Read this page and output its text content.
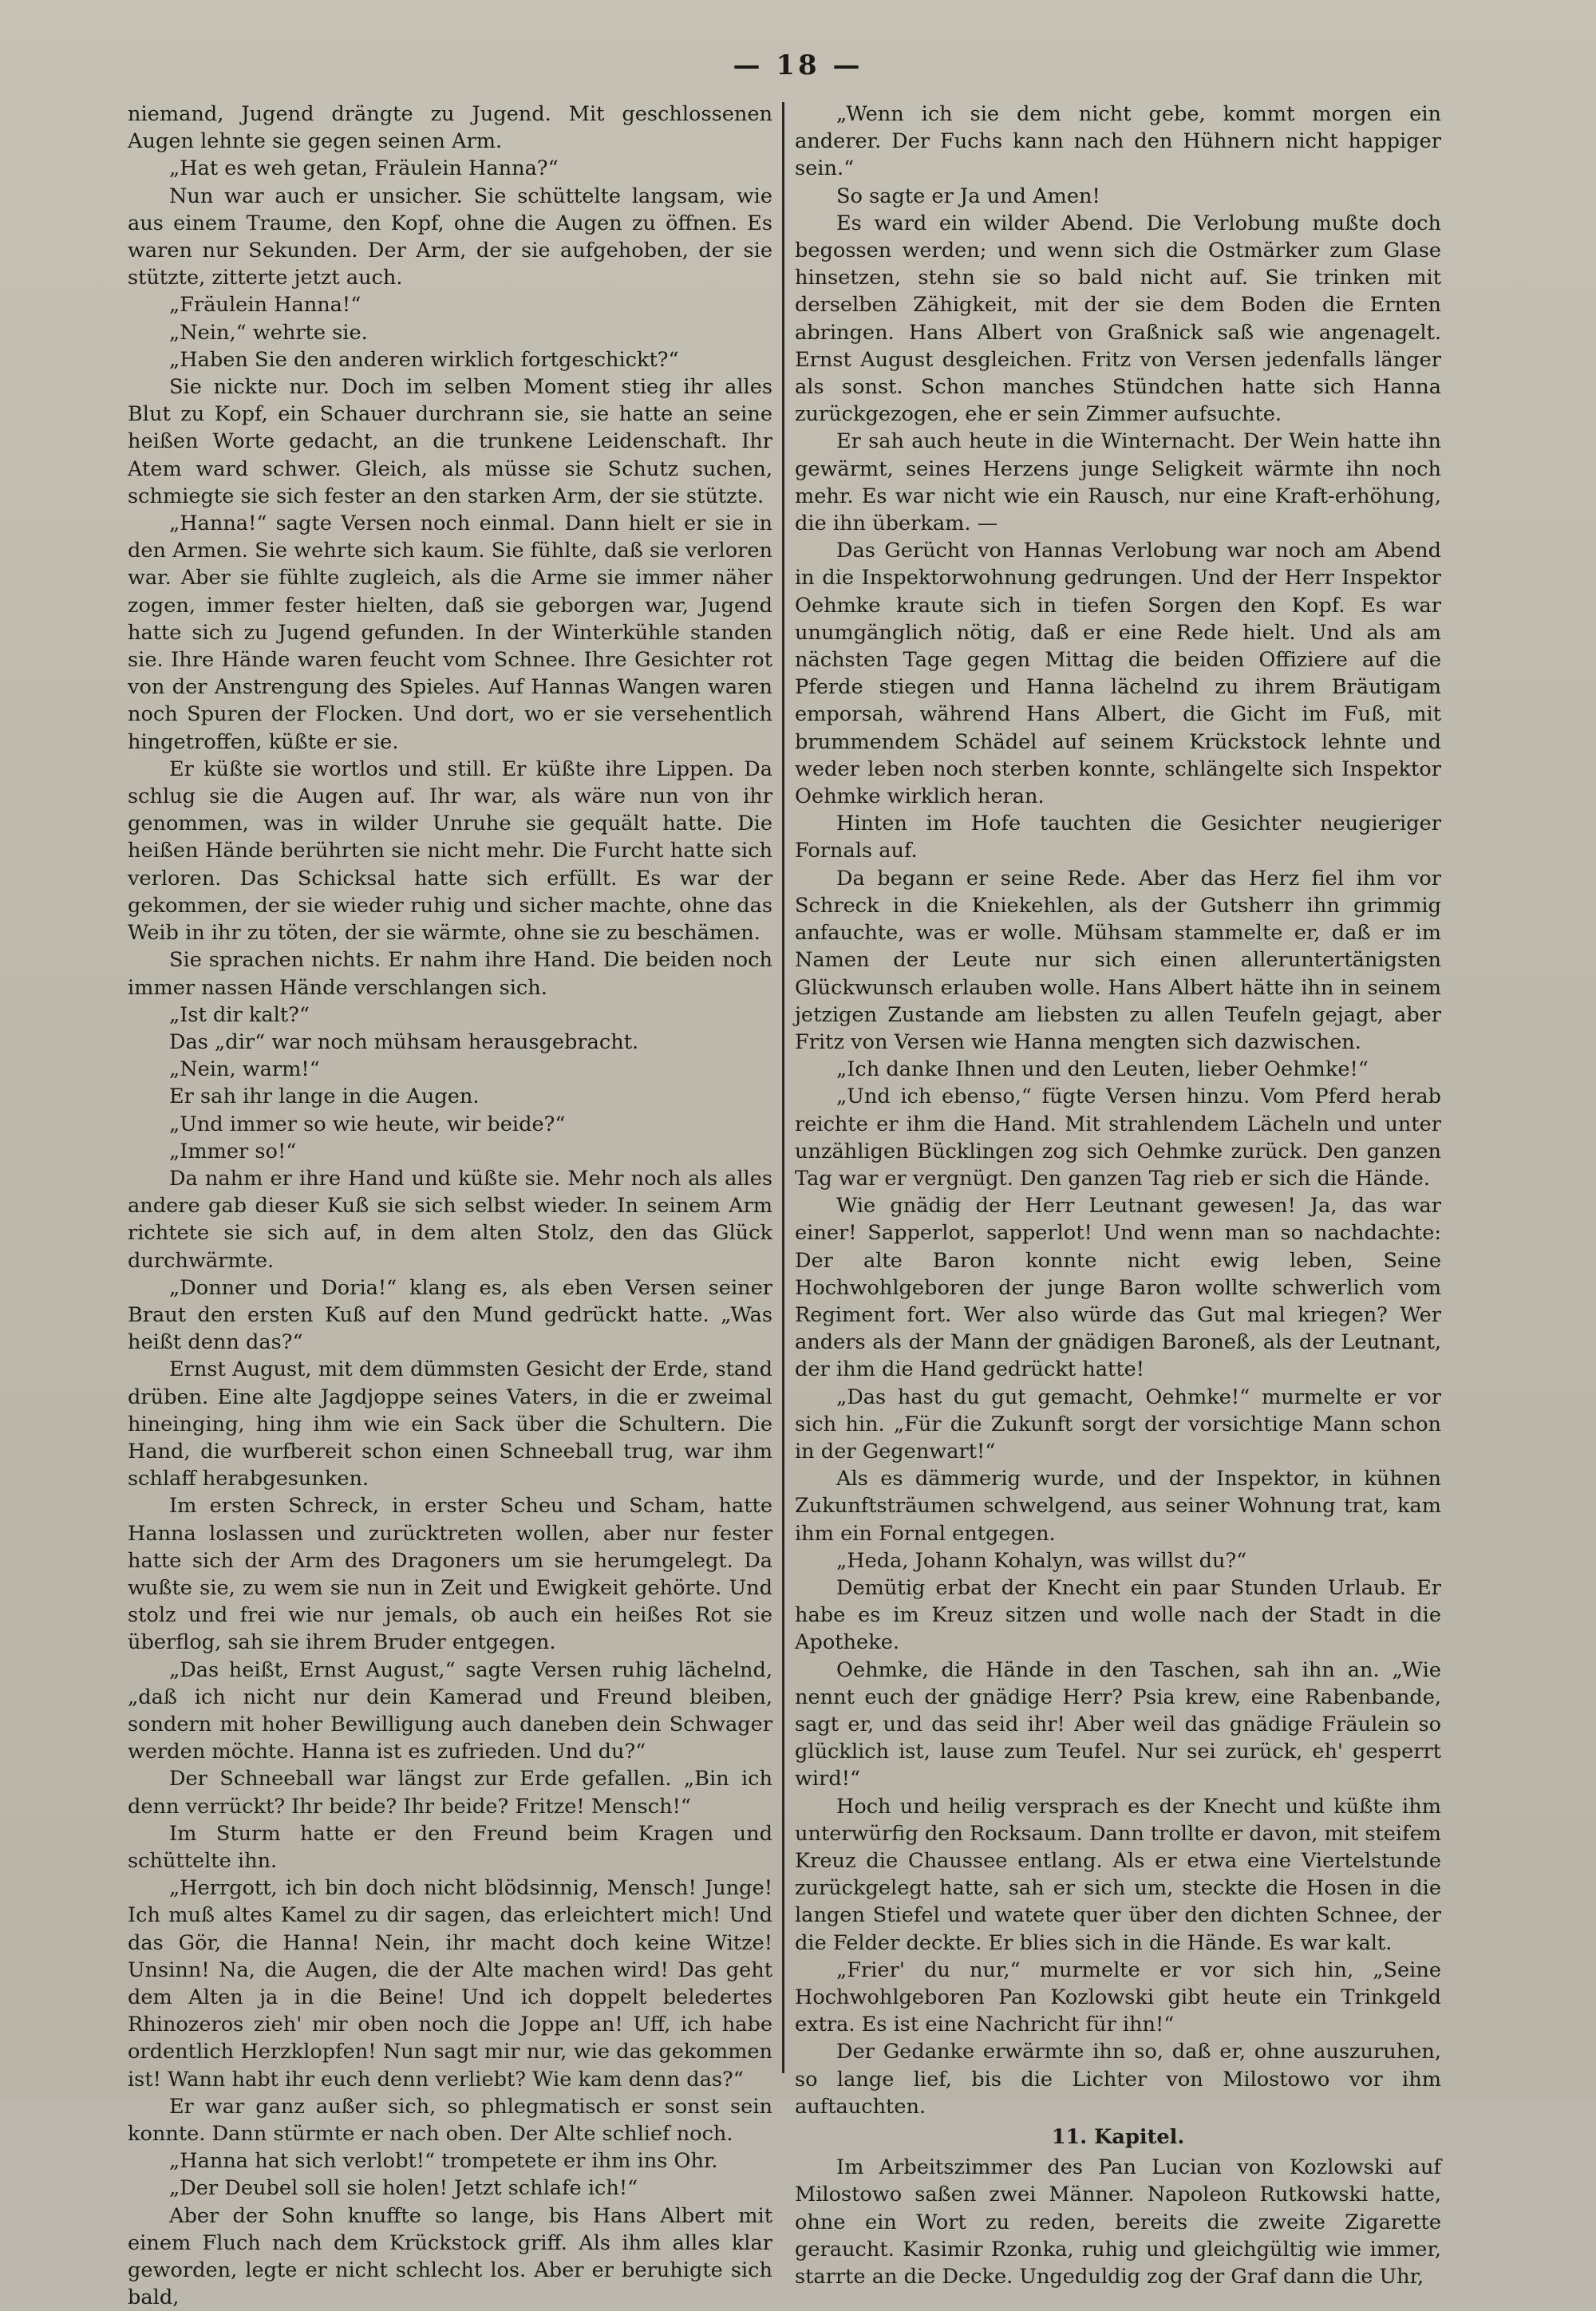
— 18 —

niemand, Jugend drängte zu Jugend. Mit geschlossenen Augen lehnte sie gegen seinen Arm.

„Hat es weh getan, Fräulein Hanna?“

Nun war auch er unsicher. Sie schüttelte langsam, wie aus einem Traume, den Kopf, ohne die Augen zu öffnen. Es waren nur Sekunden. Der Arm, der sie aufgehoben, der sie stützte, zitterte jetzt auch.

„Fräulein Hanna!“

„Nein,“ wehrte sie.

„Haben Sie den anderen wirklich fortgeschickt?“

Sie nickte nur. Doch im selben Moment stieg ihr alles Blut zu Kopf, ein Schauer durchrann sie, sie hatte an seine heißen Worte gedacht, an die trunkene Leidenschaft. Ihr Atem ward schwer. Gleich, als müsse sie Schutz suchen, schmiegte sie sich fester an den starken Arm, der sie stützte.

„Hanna!“ sagte Versen noch einmal. Dann hielt er sie in den Armen. Sie wehrte sich kaum. Sie fühlte, daß sie verloren war. Aber sie fühlte zugleich, als die Arme sie immer näher zogen, immer fester hielten, daß sie geborgen war, Jugend hatte sich zu Jugend gefunden. In der Winterkühle standen sie. Ihre Hände waren feucht vom Schnee. Ihre Gesichter rot von der Anstrengung des Spieles. Auf Hannas Wangen waren noch Spuren der Flocken. Und dort, wo er sie versehentlich hingetroffen, küßte er sie.

Er küßte sie wortlos und still. Er küßte ihre Lippen. Da schlug sie die Augen auf. Ihr war, als wäre nun von ihr genommen, was in wilder Unruhe sie gequält hatte. Die heißen Hände berührten sie nicht mehr. Die Furcht hatte sich verloren. Das Schicksal hatte sich erfüllt. Es war der gekommen, der sie wieder ruhig und sicher machte, ohne das Weib in ihr zu töten, der sie wärmte, ohne sie zu beschämen.

Sie sprachen nichts. Er nahm ihre Hand. Die beiden noch immer nassen Hände verschlangen sich.

„Ist dir kalt?“

Das „dir“ war noch mühsam herausgebracht.

„Nein, warm!“

Er sah ihr lange in die Augen.

„Und immer so wie heute, wir beide?“

„Immer so!“

Da nahm er ihre Hand und küßte sie. Mehr noch als alles andere gab dieser Kuß sie sich selbst wieder. In seinem Arm richtete sie sich auf, in dem alten Stolz, den das Glück durchwärmte.

„Donner und Doria!“ klang es, als eben Versen seiner Braut den ersten Kuß auf den Mund gedrückt hatte. „Was heißt denn das?“

Ernst August, mit dem dümmsten Gesicht der Erde, stand drüben. Eine alte Jagdjoppe seines Vaters, in die er zweimal hineinging, hing ihm wie ein Sack über die Schultern. Die Hand, die wurfbereit schon einen Schneeball trug, war ihm schlaff herabgesunken.

Im ersten Schreck, in erster Scheu und Scham, hatte Hanna loslassen und zurücktreten wollen, aber nur fester hatte sich der Arm des Dragoners um sie herumgelegt. Da wußte sie, zu wem sie nun in Zeit und Ewigkeit gehörte. Und stolz und frei wie nur jemals, ob auch ein heißes Rot sie überflog, sah sie ihrem Bruder entgegen.

„Das heißt, Ernst August,“ sagte Versen ruhig lächelnd, „daß ich nicht nur dein Kamerad und Freund bleiben, sondern mit hoher Bewilligung auch daneben dein Schwager werden möchte. Hanna ist es zufrieden. Und du?“

Der Schneeball war längst zur Erde gefallen. „Bin ich denn verrückt? Ihr beide? Ihr beide? Fritze! Mensch!“

Im Sturm hatte er den Freund beim Kragen und schüttelte ihn.

„Herrgott, ich bin doch nicht blödsinnig, Mensch! Junge! Ich muß altes Kamel zu dir sagen, das erleichtert mich! Und das Gör, die Hanna! Nein, ihr macht doch keine Witze! Unsinn! Na, die Augen, die der Alte machen wird! Das geht dem Alten ja in die Beine! Und ich doppelt beledertes Rhinozeros zieh' mir oben noch die Joppe an! Uff, ich habe ordentlich Herzklopfen! Nun sagt mir nur, wie das gekommen ist! Wann habt ihr euch denn verliebt? Wie kam denn das?“

Er war ganz außer sich, so phlegmatisch er sonst sein konnte. Dann stürmte er nach oben. Der Alte schlief noch.

„Hanna hat sich verlobt!“ trompetete er ihm ins Ohr.

„Der Deubel soll sie holen! Jetzt schlafe ich!“

Aber der Sohn knuffte so lange, bis Hans Albert mit einem Fluch nach dem Krückstock griff. Als ihm alles klar geworden, legte er nicht schlecht los. Aber er beruhigte sich bald,

„Wenn ich sie dem nicht gebe, kommt morgen ein anderer. Der Fuchs kann nach den Hühnern nicht happiger sein.“

So sagte er Ja und Amen!

Es ward ein wilder Abend. Die Verlobung mußte doch begossen werden; und wenn sich die Ostmärker zum Glase hinsetzen, stehn sie so bald nicht auf. Sie trinken mit derselben Zähigkeit, mit der sie dem Boden die Ernten abringen. Hans Albert von Graßnick saß wie angenagelt. Ernst August desgleichen. Fritz von Versen jedenfalls länger als sonst. Schon manches Stündchen hatte sich Hanna zurückgezogen, ehe er sein Zimmer aufsuchte.

Er sah auch heute in die Winternacht. Der Wein hatte ihn gewärmt, seines Herzens junge Seligkeit wärmte ihn noch mehr. Es war nicht wie ein Rausch, nur eine Kraft-erhöhung, die ihn überkam. —

Das Gerücht von Hannas Verlobung war noch am Abend in die Inspektorwohnung gedrungen. Und der Herr Inspektor Oehmke kraute sich in tiefen Sorgen den Kopf. Es war unumgänglich nötig, daß er eine Rede hielt. Und als am nächsten Tage gegen Mittag die beiden Offiziere auf die Pferde stiegen und Hanna lächelnd zu ihrem Bräutigam emporsah, während Hans Albert, die Gicht im Fuß, mit brummendem Schädel auf seinem Krückstock lehnte und weder leben noch sterben konnte, schlängelte sich Inspektor Oehmke wirklich heran.

Hinten im Hofe tauchten die Gesichter neugieriger Fornals auf.

Da begann er seine Rede. Aber das Herz fiel ihm vor Schreck in die Kniekehlen, als der Gutsherr ihn grimmig anfauchte, was er wolle. Mühsam stammelte er, daß er im Namen der Leute nur sich einen alleruntertänigsten Glückwunsch erlauben wolle. Hans Albert hätte ihn in seinem jetzigen Zustande am liebsten zu allen Teufeln gejagt, aber Fritz von Versen wie Hanna mengten sich dazwischen.

„Ich danke Ihnen und den Leuten, lieber Oehmke!“

„Und ich ebenso,“ fügte Versen hinzu. Vom Pferd herab reichte er ihm die Hand. Mit strahlendem Lächeln und unter unzähligen Bücklingen zog sich Oehmke zurück. Den ganzen Tag war er vergnügt. Den ganzen Tag rieb er sich die Hände.

Wie gnädig der Herr Leutnant gewesen! Ja, das war einer! Sapperlot, sapperlot! Und wenn man so nachdachte: Der alte Baron konnte nicht ewig leben, Seine Hochwohlgeboren der junge Baron wollte schwerlich vom Regiment fort. Wer also würde das Gut mal kriegen? Wer anders als der Mann der gnädigen Baroneß, als der Leutnant, der ihm die Hand gedrückt hatte!

„Das hast du gut gemacht, Oehmke!“ murmelte er vor sich hin. „Für die Zukunft sorgt der vorsichtige Mann schon in der Gegenwart!“

Als es dämmerig wurde, und der Inspektor, in kühnen Zukunftsträumen schwelgend, aus seiner Wohnung trat, kam ihm ein Fornal entgegen.

„Heda, Johann Kohalyn, was willst du?“

Demütig erbat der Knecht ein paar Stunden Urlaub. Er habe es im Kreuz sitzen und wolle nach der Stadt in die Apotheke.

Oehmke, die Hände in den Taschen, sah ihn an. „Wie nennt euch der gnädige Herr? Psia krew, eine Rabenbande, sagt er, und das seid ihr! Aber weil das gnädige Fräulein so glücklich ist, lause zum Teufel. Nur sei zurück, eh' gesperrt wird!“

Hoch und heilig versprach es der Knecht und küßte ihm unterwürfig den Rocksaum. Dann trollte er davon, mit steifem Kreuz die Chaussee entlang. Als er etwa eine Viertelstunde zurückgelegt hatte, sah er sich um, steckte die Hosen in die langen Stiefel und watete quer über den dichten Schnee, der die Felder deckte. Er blies sich in die Hände. Es war kalt.

„Frier' du nur,“ murmelte er vor sich hin, „Seine Hochwohlgeboren Pan Kozlowski gibt heute ein Trinkgeld extra. Es ist eine Nachricht für ihn!“

Der Gedanke erwärmte ihn so, daß er, ohne auszuruhen, so lange lief, bis die Lichter von Milostowo vor ihm auftauchten.

11. Kapitel.

Im Arbeitszimmer des Pan Lucian von Kozlowski auf Milostowo saßen zwei Männer. Napoleon Rutkowski hatte, ohne ein Wort zu reden, bereits die zweite Zigarette geraucht. Kasimir Rzonka, ruhig und gleichgültig wie immer, starrte an die Decke. Ungeduldig zog der Graf dann die Uhr,
